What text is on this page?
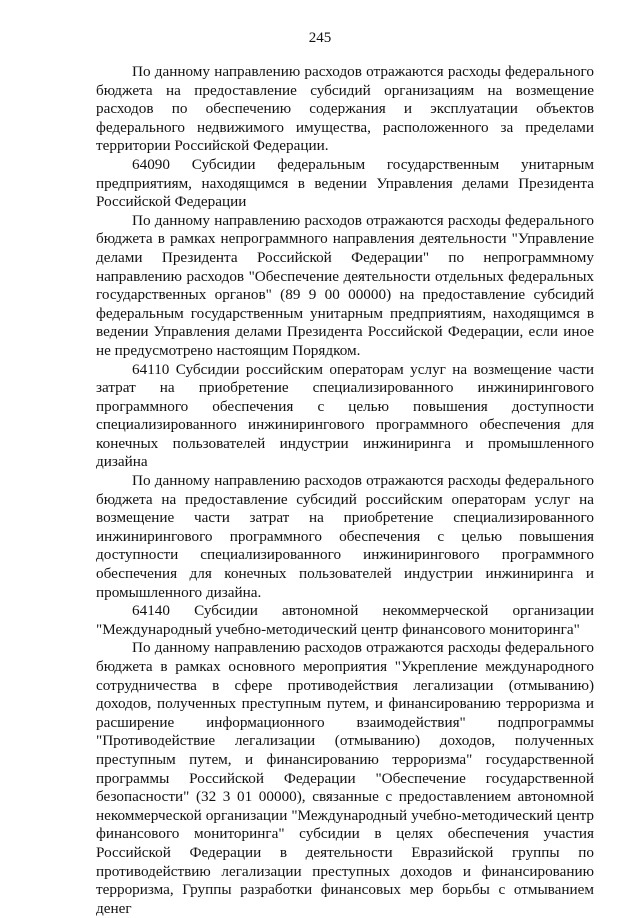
245

По данному направлению расходов отражаются расходы федерального бюджета на предоставление субсидий организациям на возмещение расходов по обеспечению содержания и эксплуатации объектов федерального недвижимого имущества, расположенного за пределами территории Российской Федерации.

64090 Субсидии федеральным государственным унитарным предприятиям, находящимся в ведении Управления делами Президента Российской Федерации

По данному направлению расходов отражаются расходы федерального бюджета в рамках непрограммного направления деятельности "Управление делами Президента Российской Федерации" по непрограммному направлению расходов "Обеспечение деятельности отдельных федеральных государственных органов" (89 9 00 00000) на предоставление субсидий федеральным государственным унитарным предприятиям, находящимся в ведении Управления делами Президента Российской Федерации, если иное не предусмотрено настоящим Порядком.

64110 Субсидии российским операторам услуг на возмещение части затрат на приобретение специализированного инжинирингового программного обеспечения с целью повышения доступности специализированного инжинирингового программного обеспечения для конечных пользователей индустрии инжиниринга и промышленного дизайна

По данному направлению расходов отражаются расходы федерального бюджета на предоставление субсидий российским операторам услуг на возмещение части затрат на приобретение специализированного инжинирингового программного обеспечения с целью повышения доступности специализированного инжинирингового программного обеспечения для конечных пользователей индустрии инжиниринга и промышленного дизайна.

64140 Субсидии автономной некоммерческой организации "Международный учебно-методический центр финансового мониторинга"

По данному направлению расходов отражаются расходы федерального бюджета в рамках основного мероприятия "Укрепление международного сотрудничества в сфере противодействия легализации (отмыванию) доходов, полученных преступным путем, и финансированию терроризма и расширение информационного взаимодействия" подпрограммы "Противодействие легализации (отмыванию) доходов, полученных преступным путем, и финансированию терроризма" государственной программы Российской Федерации "Обеспечение государственной безопасности" (32 3 01 00000), связанные с предоставлением автономной некоммерческой организации "Международный учебно-методический центр финансового мониторинга" субсидии в целях обеспечения участия Российской Федерации в деятельности Евразийской группы по противодействию легализации преступных доходов и финансированию терроризма, Группы разработки финансовых мер борьбы с отмыванием денег
